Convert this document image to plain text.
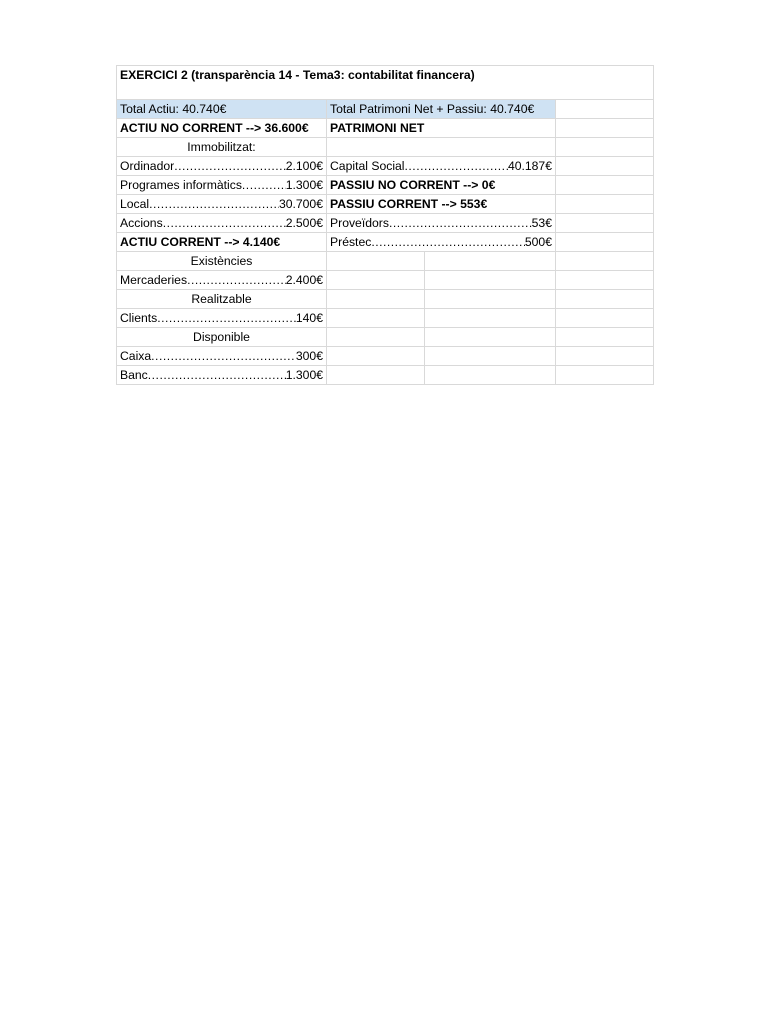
EXERCICI 2 (transparència 14 - Tema3: contabilitat financera)			
Total Actiu: 40.740€	Total Patrimoni Net + Passiu: 40.740€		
ACTIU NO CORRENT --> 36.600€	PATRIMONI NET		
Immobilitzat:			

Ordinador ..... 2.100€	Capital Social ..... 40.187€

Programes informàtics ..... 1.300€	PASSIU NO CORRENT --> 0€		

Local ..... 30.700€	PASSIU CORRENT --> 553€		

Accions ..... 2.500€	Proveïdors ..... 53€

ACTIU CORRENT --> 4.140€	Préstec ..... 500€

Existències			

Mercaderies ..... 2.400€

Realitzable			

Clients ..... 140€

Disponible			

Caixa ..... 300€

Banc ..... 1.300€
